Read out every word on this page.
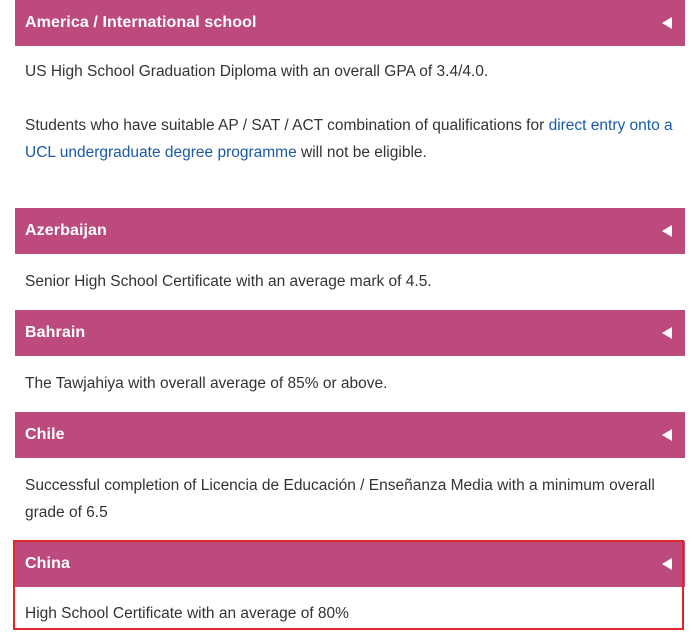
America / International school

US High School Graduation Diploma with an overall GPA of 3.4/4.0.

Students who have suitable AP / SAT / ACT combination of qualifications for direct entry onto a UCL undergraduate degree programme will not be eligible.

Azerbaijan

Senior High School Certificate with an average mark of 4.5.

Bahrain

The Tawjahiya with overall average of 85% or above.

Chile

Successful completion of Licencia de Educación / Enseñanza Media with a minimum overall grade of 6.5

China

High School Certificate with an average of 80%
